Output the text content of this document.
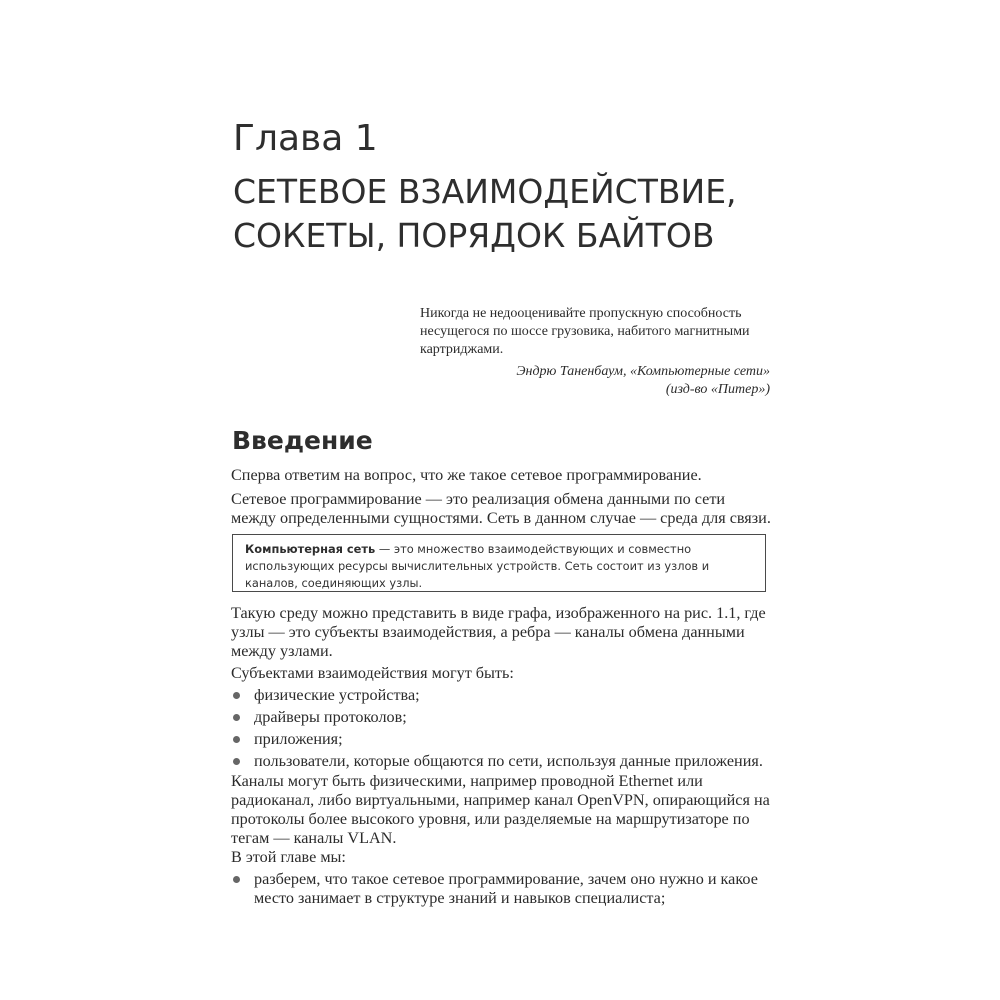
Глава 1
СЕТЕВОЕ ВЗАИМОДЕЙСТВИЕ,
СОКЕТЫ, ПОРЯДОК БАЙТОВ
Никогда не недооценивайте пропускную способность
несущегося по шоссе грузовика, набитого магнитными
картриджами.
Эндрю Таненбаум, «Компьютерные сети»
(изд-во «Питер»)
Введение
Сперва ответим на вопрос, что же такое сетевое программирование.
Сетевое программирование — это реализация обмена данными по сети между определенными сущностями. Сеть в данном случае — среда для связи.
Компьютерная сеть — это множество взаимодействующих и совместно использующих ресурсы вычислительных устройств. Сеть состоит из узлов и каналов, соединяющих узлы.
Такую среду можно представить в виде графа, изображенного на рис. 1.1, где узлы — это субъекты взаимодействия, а ребра — каналы обмена данными между узлами.
Субъектами взаимодействия могут быть:
физические устройства;
драйверы протоколов;
приложения;
пользователи, которые общаются по сети, используя данные приложения.
Каналы могут быть физическими, например проводной Ethernet или радиоканал, либо виртуальными, например канал OpenVPN, опирающийся на протоколы более высокого уровня, или разделяемые на маршрутизаторе по тегам — каналы VLAN.
В этой главе мы:
разберем, что такое сетевое программирование, зачем оно нужно и какое место занимает в структуре знаний и навыков специалиста;
